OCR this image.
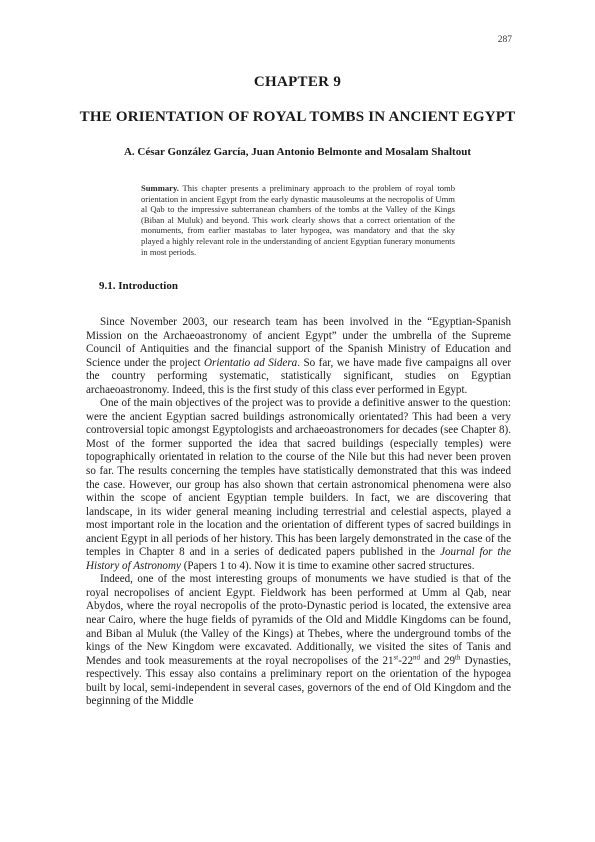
287
CHAPTER 9
THE ORIENTATION OF ROYAL TOMBS IN ANCIENT EGYPT
A. César González García, Juan Antonio Belmonte and Mosalam Shaltout
Summary. This chapter presents a preliminary approach to the problem of royal tomb orientation in ancient Egypt from the early dynastic mausoleums at the necropolis of Umm al Qab to the impressive subterranean chambers of the tombs at the Valley of the Kings (Biban al Muluk) and beyond. This work clearly shows that a correct orientation of the monuments, from earlier mastabas to later hypogea, was mandatory and that the sky played a highly relevant role in the understanding of ancient Egyptian funerary monuments in most periods.
9.1. Introduction

Since November 2003, our research team has been involved in the “Egyptian-Spanish Mission on the Archaeoastronomy of ancient Egypt” under the umbrella of the Supreme Council of Antiquities and the financial support of the Spanish Ministry of Education and Science under the project Orientatio ad Sidera. So far, we have made five campaigns all over the country performing systematic, statistically significant, studies on Egyptian archaeoastronomy. Indeed, this is the first study of this class ever performed in Egypt.

One of the main objectives of the project was to provide a definitive answer to the question: were the ancient Egyptian sacred buildings astronomically orientated? This had been a very controversial topic amongst Egyptologists and archaeoastronomers for decades (see Chapter 8). Most of the former supported the idea that sacred buildings (especially temples) were topographically orientated in relation to the course of the Nile but this had never been proven so far. The results concerning the temples have statistically demonstrated that this was indeed the case. However, our group has also shown that certain astronomical phenomena were also within the scope of ancient Egyptian temple builders. In fact, we are discovering that landscape, in its wider general meaning including terrestrial and celestial aspects, played a most important role in the location and the orientation of different types of sacred buildings in ancient Egypt in all periods of her history. This has been largely demonstrated in the case of the temples in Chapter 8 and in a series of dedicated papers published in the Journal for the History of Astronomy (Papers 1 to 4). Now it is time to examine other sacred structures.

Indeed, one of the most interesting groups of monuments we have studied is that of the royal necropolises of ancient Egypt. Fieldwork has been performed at Umm al Qab, near Abydos, where the royal necropolis of the proto-Dynastic period is located, the extensive area near Cairo, where the huge fields of pyramids of the Old and Middle Kingdoms can be found, and Biban al Muluk (the Valley of the Kings) at Thebes, where the underground tombs of the kings of the New Kingdom were excavated. Additionally, we visited the sites of Tanis and Mendes and took measurements at the royal necropolises of the 21st-22nd and 29th Dynasties, respectively. This essay also contains a preliminary report on the orientation of the hypogea built by local, semi-independent in several cases, governors of the end of Old Kingdom and the beginning of the Middle
